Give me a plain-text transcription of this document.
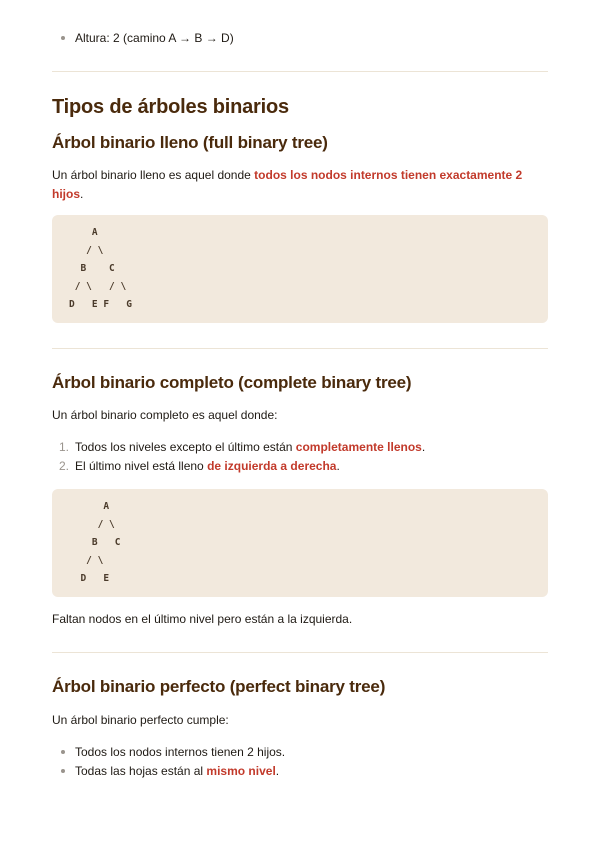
Altura: 2 (camino A → B → D)
Tipos de árboles binarios
Árbol binario lleno (full binary tree)
Un árbol binario lleno es aquel donde todos los nodos internos tienen exactamente 2 hijos.
A
/ \
B    C
/ \   / \
D   E F   G
Árbol binario completo (complete binary tree)
Un árbol binario completo es aquel donde:
1. Todos los niveles excepto el último están completamente llenos.
2. El último nivel está lleno de izquierda a derecha.
A
/ \
B   C
/ \
D   E
Faltan nodos en el último nivel pero están a la izquierda.
Árbol binario perfecto (perfect binary tree)
Un árbol binario perfecto cumple:
Todos los nodos internos tienen 2 hijos.
Todas las hojas están al mismo nivel.
